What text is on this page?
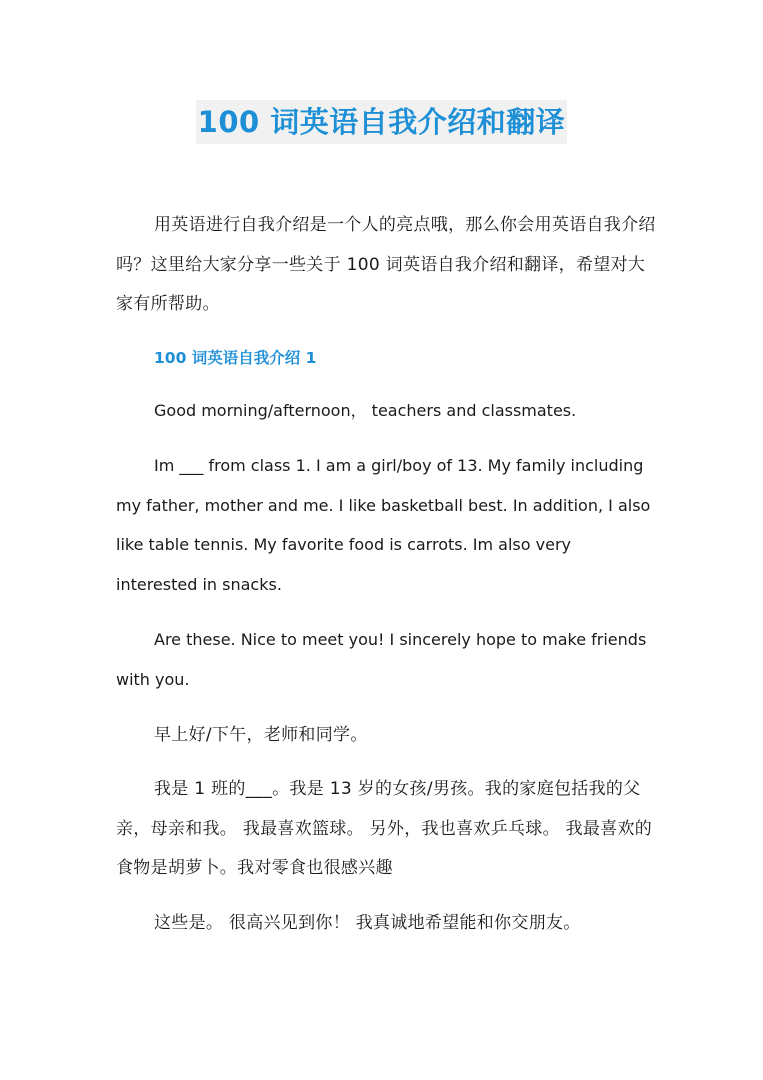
100 词英语自我介绍和翻译

用英语进行自我介绍是一个人的亮点哦，那么你会用英语自我介绍吗？这里给大家分享一些关于 100 词英语自我介绍和翻译，希望对大家有所帮助。

100 词英语自我介绍 1

Good morning/afternoon， teachers and classmates.

Im ___ from class 1. I am a girl/boy of 13. My family including my father, mother and me. I like basketball best. In addition, I also like table tennis. My favorite food is carrots. Im also very interested in snacks.

Are these. Nice to meet you! I sincerely hope to make friends with you.

早上好/下午，老师和同学。

我是 1 班的___。我是 13 岁的女孩/男孩。我的家庭包括我的父亲，母亲和我。 我最喜欢篮球。 另外，我也喜欢乒乓球。 我最喜欢的食物是胡萝卜。我对零食也很感兴趣

这些是。 很高兴见到你！ 我真诚地希望能和你交朋友。
